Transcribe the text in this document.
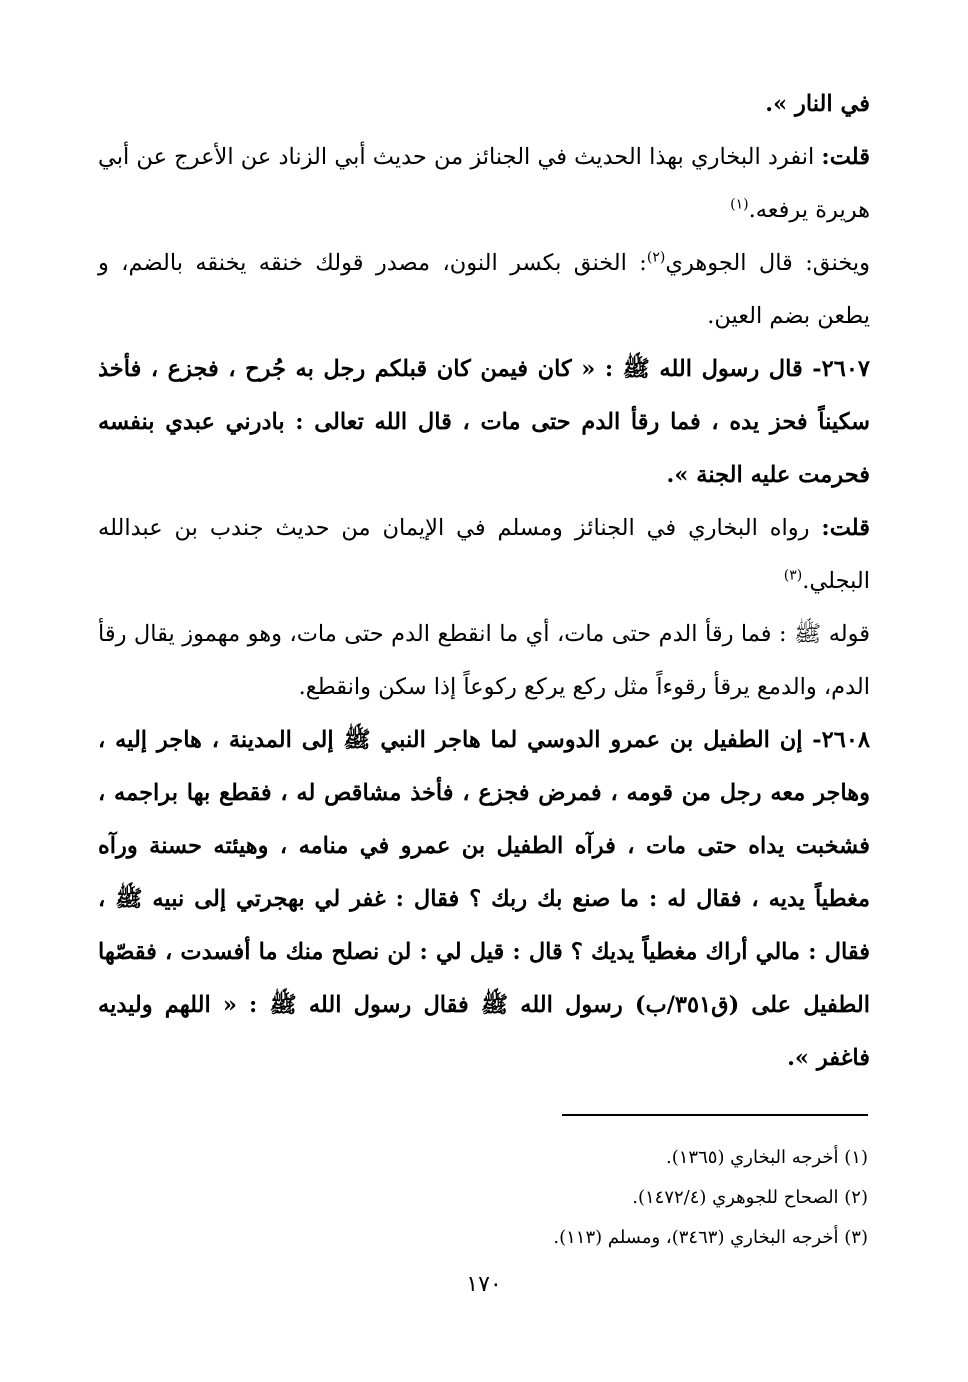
في النار ».

قلت: انفرد البخاري بهذا الحديث في الجنائز من حديث أبي الزناد عن الأعرج عن أبي هريرة يرفعه.$^{(١)}$

ويخنق: قال الجوهري$^{(٢)}$: الخنق بكسر النون، مصدر قولك خنقه يخنقه بالضم، و يطعن بضم العين.

٢٦٠٧- قال رسول الله ﷺ : « كان فيمن كان قبلكم رجل به جُرح ، فجزع ، فأخذ سكيناً فحز يده ، فما رقأ الدم حتى مات ، قال الله تعالى : بادرني عبدي بنفسه فحرمت عليه الجنة ».

قلت: رواه البخاري في الجنائز ومسلم في الإيمان من حديث جندب بن عبدالله البجلي.$^{(٣)}$

قوله ﷺ : فما رقأ الدم حتى مات، أي ما انقطع الدم حتى مات، وهو مهموز يقال رقأ الدم، والدمع يرقأ رقوءاً مثل ركع يركع ركوعاً إذا سكن وانقطع.

٢٦٠٨- إن الطفيل بن عمرو الدوسي لما هاجر النبي ﷺ إلى المدينة ، هاجر إليه ، وهاجر معه رجل من قومه ، فمرض فجزع ، فأخذ مشاقص له ، فقطع بها براجمه ، فشخبت يداه حتى مات ، فرآه الطفيل بن عمرو في منامه ، وهيئته حسنة ورآه مغطياً يديه ، فقال له : ما صنع بك ربك ؟ فقال : غفر لي بهجرتي إلى نبيه ﷺ ، فقال : مالي أراك مغطياً يديك ؟ قال : قيل لي : لن نصلح منك ما أفسدت ، فقصّها الطفيل على (ق٣٥١/ب) رسول الله ﷺ فقال رسول الله ﷺ : « اللهم وليديه فاغفر ».

(١) أخرجه البخاري (١٣٦٥).

(٢) الصحاح للجوهري (١٤٧٢/٤).

(٣) أخرجه البخاري (٣٤٦٣)، ومسلم (١١٣).

١٧٠
